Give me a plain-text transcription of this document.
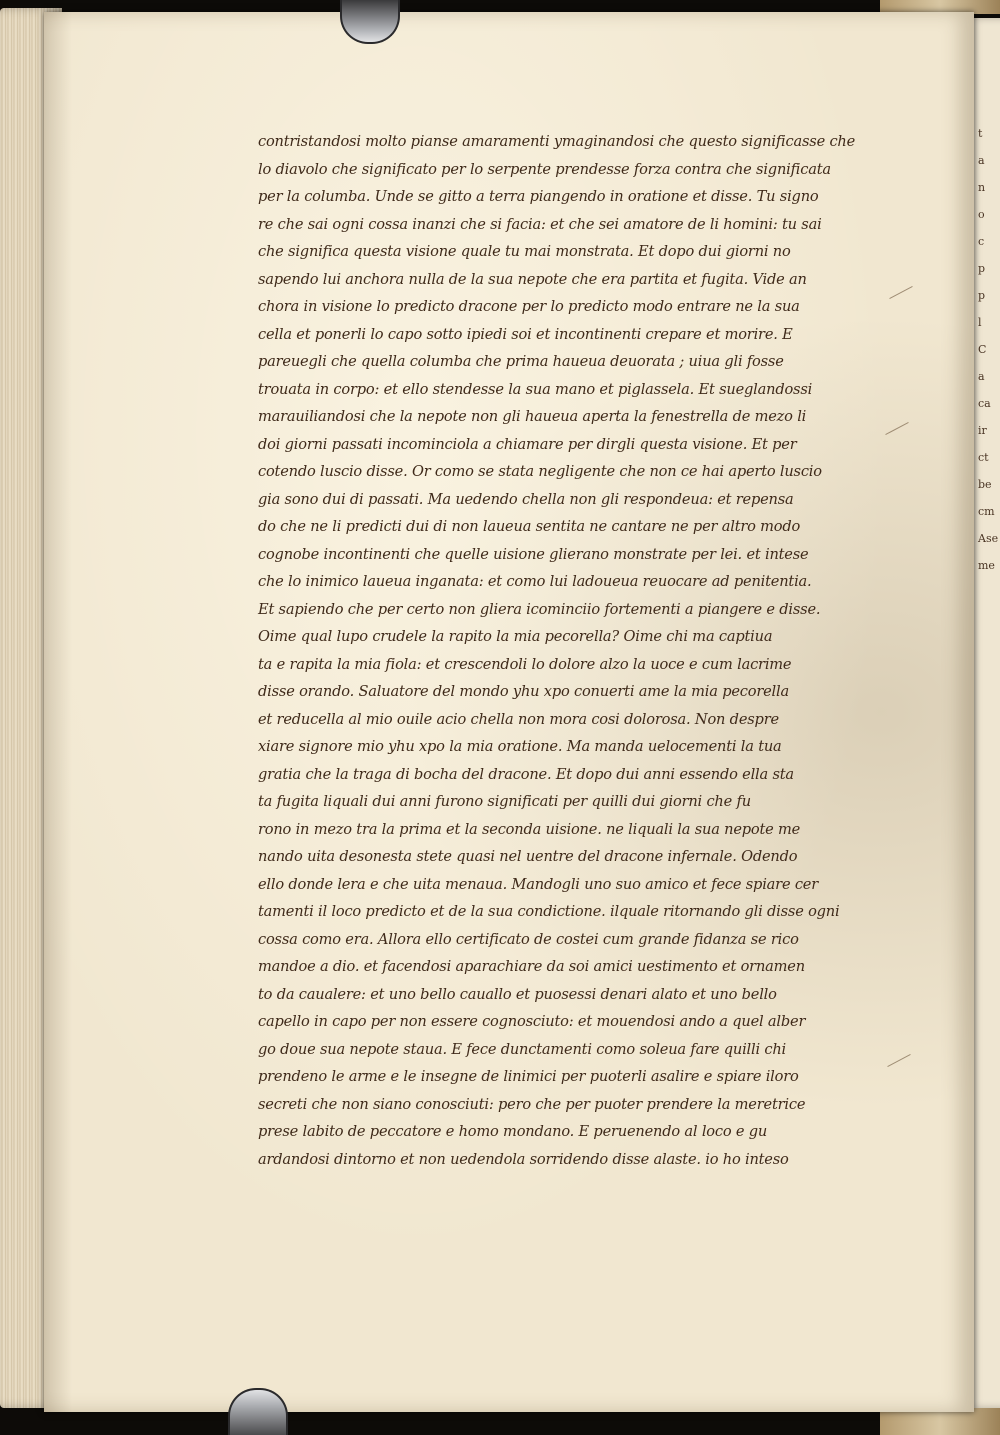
t
a
n
o
c
p
p
l
C
a
ca
ir
ct
be
cm
Ase
me
contristandosi molto pianse amaramenti ymaginandosi che questo significasse che
lo diavolo che significato per lo serpente prendesse forza contra che significata
per la columba. Unde se gitto a terra piangendo in oratione et disse. Tu signo
re che sai ogni cossa inanzi che si facia: et che sei amatore de li homini: tu sai
che significa questa visione quale tu mai monstrata. Et dopo dui giorni no
sapendo lui anchora nulla de la sua nepote che era partita et fugita. Vide an
chora in visione lo predicto dracone per lo predicto modo entrare ne la sua
cella et ponerli lo capo sotto ipiedi soi et incontinenti crepare et morire. E
pareuegli che quella columba che prima haueua deuorata ; uiua gli fosse
trouata in corpo: et ello stendesse la sua mano et piglassela. Et sueglandossi
marauiliandosi che la nepote non gli haueua aperta la fenestrella de mezo li
doi giorni passati incominciola a chiamare per dirgli questa visione. Et per
cotendo luscio disse. Or como se stata negligente che non ce hai aperto luscio
gia sono dui di passati. Ma uedendo chella non gli respondeua: et repensa
do che ne li predicti dui di non laueua sentita ne cantare ne per altro modo
cognobe incontinenti che quelle uisione glierano monstrate per lei. et intese
che lo inimico laueua inganata: et como lui ladoueua reuocare ad penitentia.
Et sapiendo che per certo non gliera icominciio fortementi a piangere e disse.
Oime qual lupo crudele la rapito la mia pecorella? Oime chi ma captiua
ta e rapita la mia fiola: et crescendoli lo dolore alzo la uoce e cum lacrime
disse orando. Saluatore del mondo yhu xpo conuerti ame la mia pecorella
et reducella al mio ouile acio chella non mora cosi dolorosa. Non despre
xiare signore mio yhu xpo la mia oratione. Ma manda uelocementi la tua
gratia che la traga di bocha del dracone. Et dopo dui anni essendo ella sta
ta fugita liquali dui anni furono significati per quilli dui giorni che fu
rono in mezo tra la prima et la seconda uisione. ne liquali la sua nepote me
nando uita desonesta stete quasi nel uentre del dracone infernale. Odendo
ello donde lera e che uita menaua. Mandogli uno suo amico et fece spiare cer
tamenti il loco predicto et de la sua condictione. ilquale ritornando gli disse ogni
cossa como era. Allora ello certificato de costei cum grande fidanza se rico
mandoe a dio. et facendosi aparachiare da soi amici uestimento et ornamen
to da caualere: et uno bello cauallo et puosessi denari alato et uno bello
capello in capo per non essere cognosciuto: et mouendosi ando a quel alber
go doue sua nepote staua. E fece dunctamenti como soleua fare quilli chi
prendeno le arme e le insegne de linimici per puoterli asalire e spiare iloro
secreti che non siano conosciuti: pero che per puoter prendere la meretrice
prese labito de peccatore e homo mondano. E peruenendo al loco e gu
ardandosi dintorno et non uedendola sorridendo disse alaste. io ho inteso
